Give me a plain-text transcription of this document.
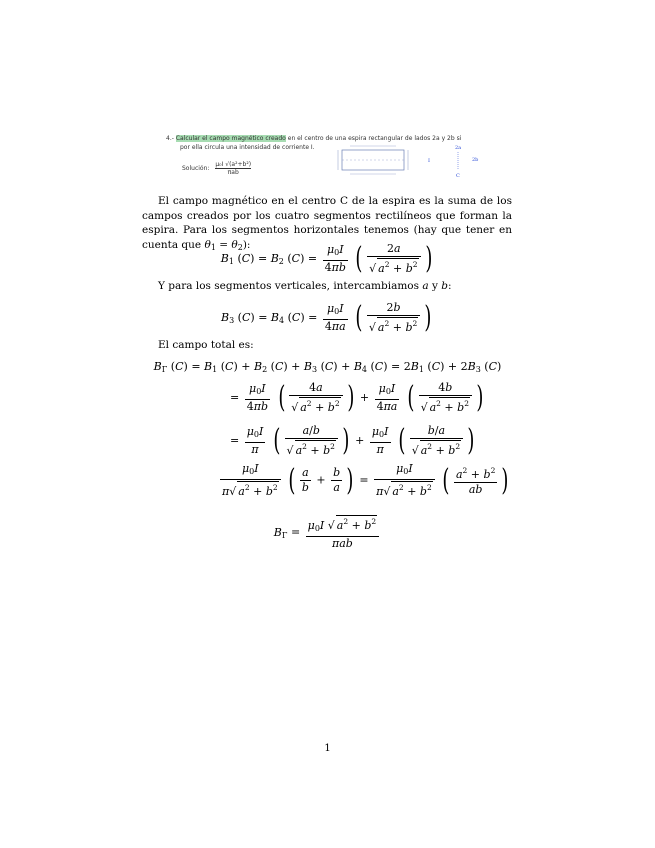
4.- Calcular el campo magnético creado en el centro de una espira rectangular de lados 2a y 2b si
por ella circula una intensidad de corriente I.
Solución:
μ₀I √(a²+b²)
πab
2a
2b
I
C
El campo magnético en el centro C de la espira es la suma de los campos creados por los cuatro segmentos rectilíneos que forman la espira. Para los segmentos horizontales tenemos (hay que tener en cuenta que $\theta_1 = \theta_2$):
$B_1$ $(C) = B_2$ $(C) = \frac{\mu_0I}{4\pi b}$ ( $\frac{2a}{√ a^2 + b^2}$ )
Y para los segmentos verticales, intercambiamos a y b:
$B_3$ $(C) = B_4$ $(C) = \frac{\mu_0I}{4\pi a}$ ( $\frac{2b}{√ a^2 + b^2}$ )
El campo total es:
$B_\Gamma$ $(C) = B_1$ $(C) + B_2$ $(C) + B_3$ $(C) + B_4$ $(C) = 2B_1$ $(C) + 2B_3$ (C)
= $\frac{\mu_0I}{4\pi b}$ ( $\frac{4a}{√ a^2 + b^2}$ ) + $\frac{\mu_0I}{4\pi a}$ ( $\frac{4b}{√ a^2 + b^2}$ )
= $\frac{\mu_0I}{\pi}$ ( $\frac{a/b}{√ a^2 + b^2}$ ) + $\frac{\mu_0I}{\pi}$ ( $\frac{b/a}{√ a^2 + b^2}$ )
$\frac{\mu_0I}{\pi√ a^2 + b^2}$ ( $\frac{a}{b} + \frac{b}{a}$ ) = $\frac{\mu_0I}{\pi√ a^2 + b^2}$ ( $\frac{a^2 + b^2}{ab}$ )
$B_\Gamma = \frac{\mu_0I √ a^2 + b^2}{\text{πab}}$
1
